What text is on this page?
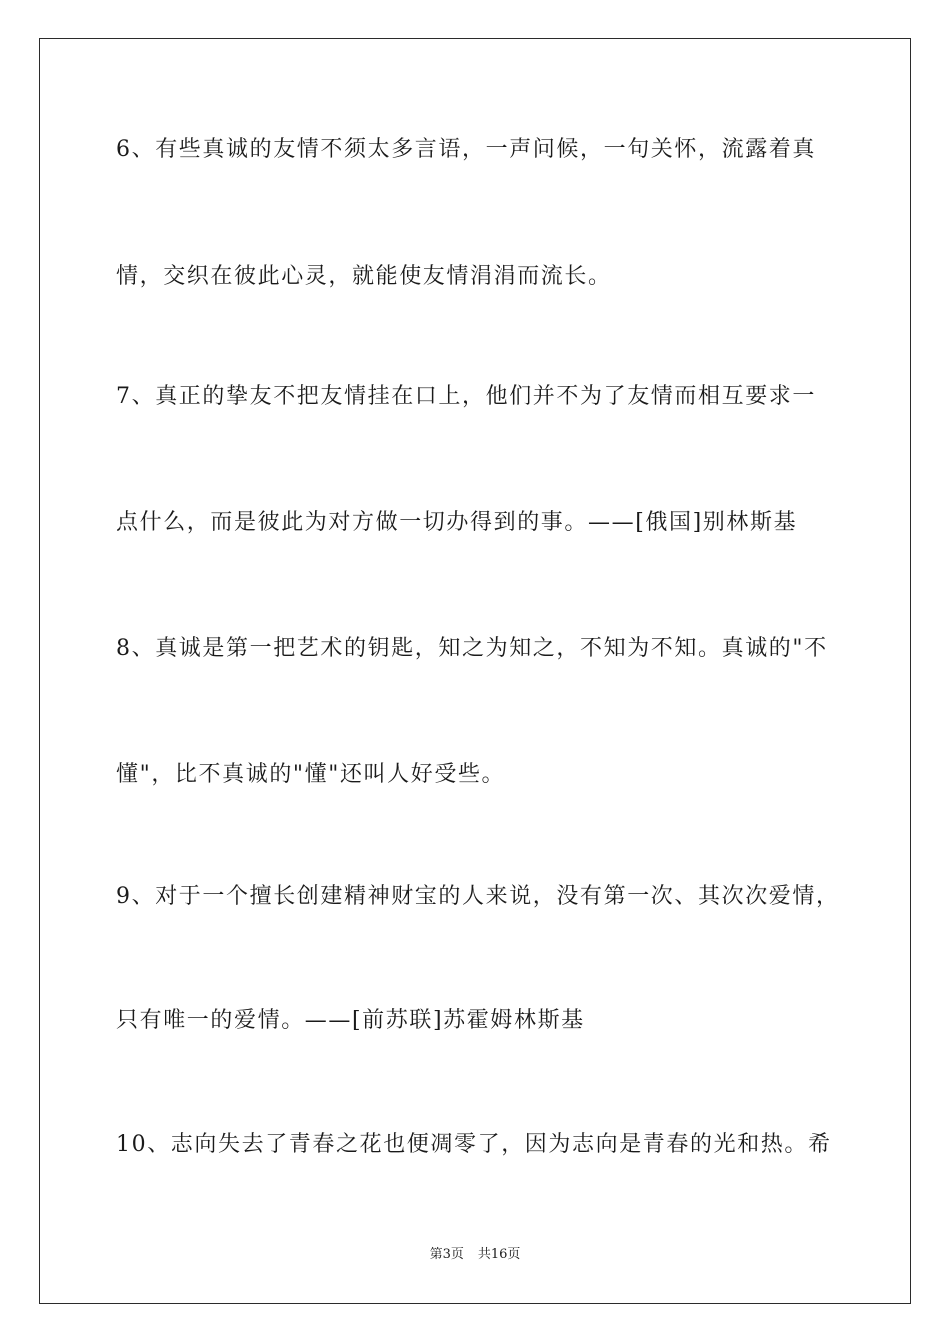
6、有些真诚的友情不须太多言语，一声问候，一句关怀，流露着真
情，交织在彼此心灵，就能使友情涓涓而流长。
7、真正的挚友不把友情挂在口上，他们并不为了友情而相互要求一
点什么，而是彼此为对方做一切办得到的事。——[俄国]别林斯基
8、真诚是第一把艺术的钥匙，知之为知之，不知为不知。真诚的"不
懂"，比不真诚的"懂"还叫人好受些。
9、对于一个擅长创建精神财宝的人来说，没有第一次、其次次爱情，
只有唯一的爱情。——[前苏联]苏霍姆林斯基
10、志向失去了青春之花也便凋零了，因为志向是青春的光和热。希
第3页 共16页
